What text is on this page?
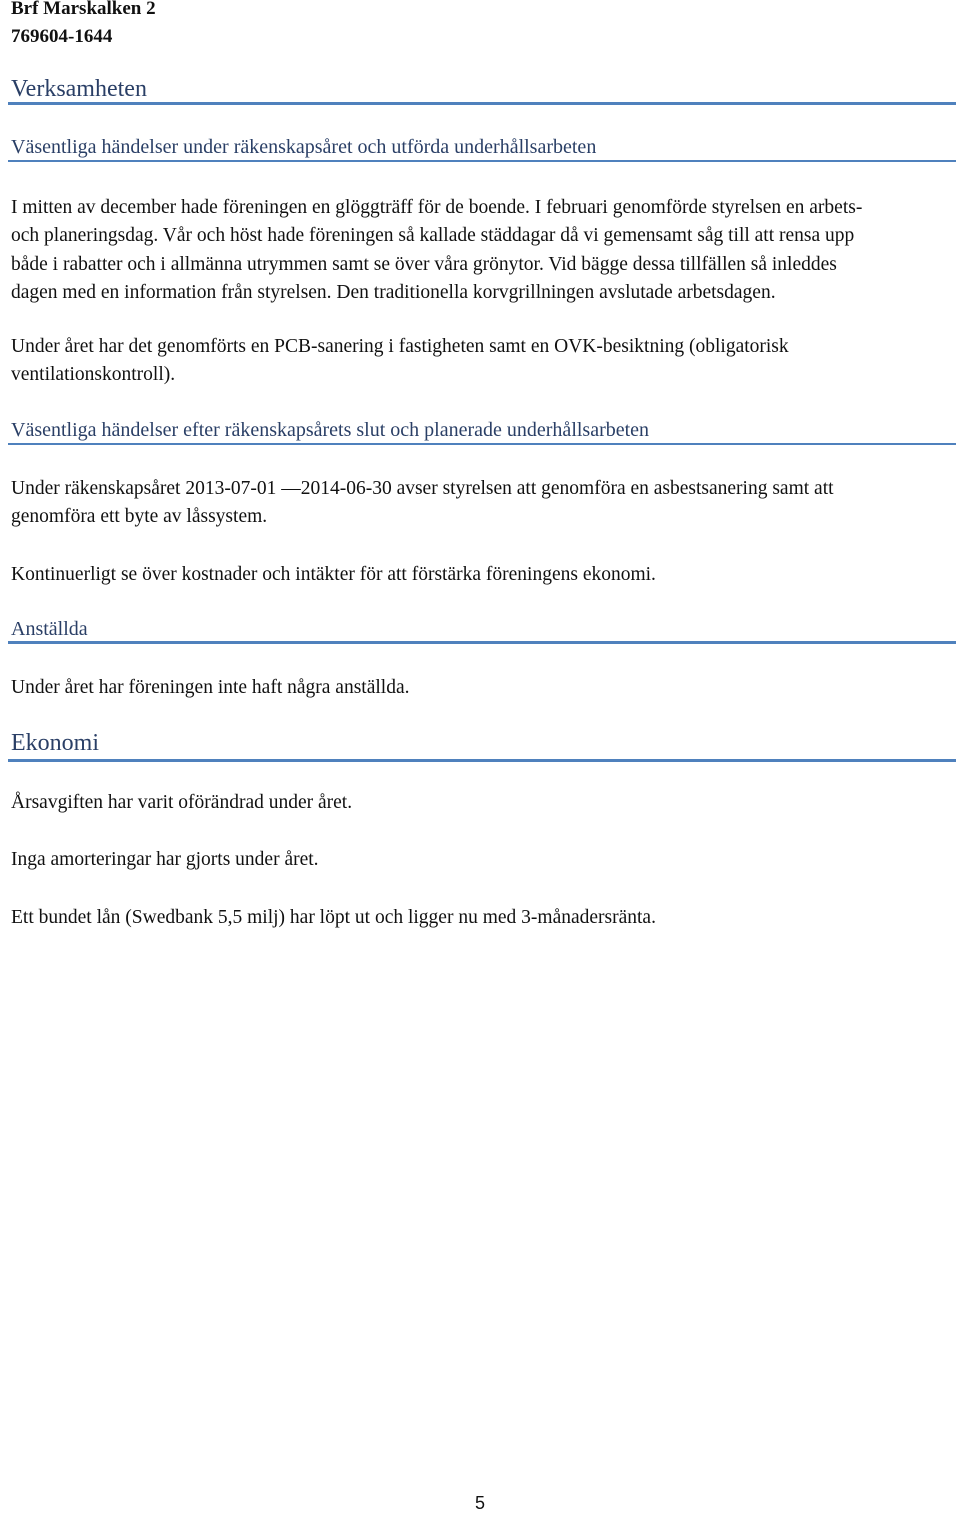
Brf Marskalken 2
769604-1644
Verksamheten
Väsentliga händelser under räkenskapsåret och utförda underhållsarbeten
I mitten av december hade föreningen en glöggträff för de boende. I februari genomförde styrelsen en arbets-
och planeringsdag. Vår och höst hade föreningen så kallade städdagar då vi gemensamt såg till att rensa upp
både i rabatter och i allmänna utrymmen samt se över våra grönytor. Vid bägge dessa tillfällen så inleddes
dagen med en information från styrelsen. Den traditionella korvgrillningen avslutade arbetsdagen.
Under året har det genomförts en PCB-sanering i fastigheten samt en OVK-besiktning (obligatorisk
ventilationskontroll).
Väsentliga händelser efter räkenskapsårets slut och planerade underhållsarbeten
Under räkenskapsåret 2013-07-01 —2014-06-30 avser styrelsen att genomföra en asbestsanering samt att
genomföra ett byte av låssystem.
Kontinuerligt se över kostnader och intäkter för att förstärka föreningens ekonomi.
Anställda
Under året har föreningen inte haft några anställda.
Ekonomi
Årsavgiften har varit oförändrad under året.
Inga amorteringar har gjorts under året.
Ett bundet lån (Swedbank 5,5 milj) har löpt ut och ligger nu med 3-månadersränta.
5
